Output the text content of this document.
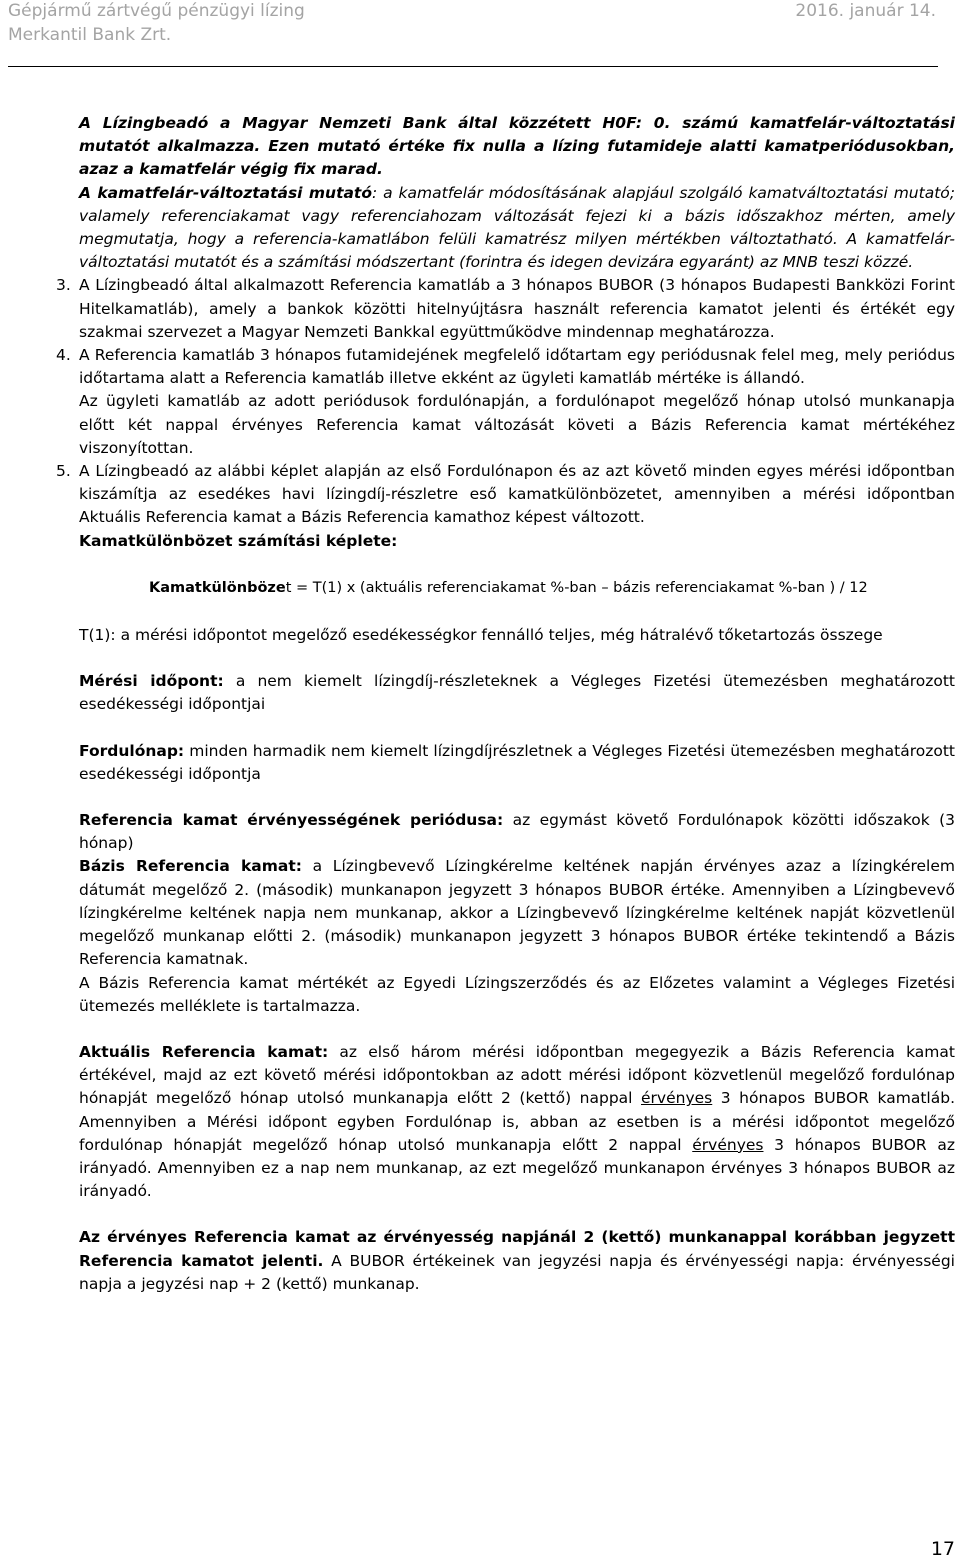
Gépjármű zártvégű pénzügyi lízing
Merkantil Bank Zrt.
2016. január 14.

A Lízingbeadó a Magyar Nemzeti Bank által közzétett H0F: 0. számú kamatfelár-változtatási mutatót alkalmazza. Ezen mutató értéke fix nulla a lízing futamideje alatti kamatperiódusokban, azaz a kamatfelár végig fix marad.

A kamatfelár-változtatási mutató: a kamatfelár módosításának alapjául szolgáló kamatváltoztatási mutató; valamely referenciakamat vagy referenciahozam változását fejezi ki a bázis időszakhoz mérten, amely megmutatja, hogy a referencia-kamatlábon felüli kamatrész milyen mértékben változtatható. A kamatfelár-változtatási mutatót és a számítási módszertant (forintra és idegen devizára egyaránt) az MNB teszi közzé.

3. A Lízingbeadó által alkalmazott Referencia kamatláb a 3 hónapos BUBOR (3 hónapos Budapesti Bankközi Forint Hitelkamatláb), amely a bankok közötti hitelnyújtásra használt referencia kamatot jelenti és értékét egy szakmai szervezet a Magyar Nemzeti Bankkal együttműködve mindennap meghatározza.

4. A Referencia kamatláb 3 hónapos futamidejének megfelelő időtartam egy periódusnak felel meg, mely periódus időtartama alatt a Referencia kamatláb illetve ekként az ügyleti kamatláb mértéke is állandó.

Az ügyleti kamatláb az adott periódusok fordulónapján, a fordulónapot megelőző hónap utolsó munkanapja előtt két nappal érvényes Referencia kamat változását követi a Bázis Referencia kamat mértékéhez viszonyítottan.

5. A Lízingbeadó az alábbi képlet alapján az első Fordulónapon és az azt követő minden egyes mérési időpontban kiszámítja az esedékes havi lízingdíj-részletre eső kamatkülönbözetet, amennyiben a mérési időpontban Aktuális Referencia kamat a Bázis Referencia kamathoz képest változott.

Kamatkülönbözet számítási képlete:

Kamatkülönbözet = T(1) x (aktuális referenciakamat %-ban – bázis referenciakamat %-ban ) / 12

T(1): a mérési időpontot megelőző esedékességkor fennálló teljes, még hátralévő tőketartozás összege

Mérési időpont: a nem kiemelt lízingdíj-részleteknek a Végleges Fizetési ütemezésben meghatározott esedékességi időpontjai

Fordulónap: minden harmadik nem kiemelt lízingdíjrészletnek a Végleges Fizetési ütemezésben meghatározott esedékességi időpontja

Referencia kamat érvényességének periódusa: az egymást követő Fordulónapok közötti időszakok (3 hónap)

Bázis Referencia kamat: a Lízingbevevő Lízingkérelme keltének napján érvényes azaz a lízingkérelem dátumát megelőző 2. (második) munkanapon jegyzett 3 hónapos BUBOR értéke. Amennyiben a Lízingbevevő lízingkérelme keltének napja nem munkanap, akkor a Lízingbevevő lízingkérelme keltének napját közvetlenül megelőző munkanap előtti 2. (második) munkanapon jegyzett 3 hónapos BUBOR értéke tekintendő a Bázis Referencia kamatnak.

A Bázis Referencia kamat mértékét az Egyedi Lízingszerződés és az Előzetes valamint a Végleges Fizetési ütemezés melléklete is tartalmazza.

Aktuális Referencia kamat: az első három mérési időpontban megegyezik a Bázis Referencia kamat értékével, majd az ezt követő mérési időpontokban az adott mérési időpont közvetlenül megelőző fordulónap hónapját megelőző hónap utolsó munkanapja előtt 2 (kettő) nappal érvényes 3 hónapos BUBOR kamatláb. Amennyiben a Mérési időpont egyben Fordulónap is, abban az esetben is a mérési időpontot megelőző fordulónap hónapját megelőző hónap utolsó munkanapja előtt 2 nappal érvényes 3 hónapos BUBOR az irányadó. Amennyiben ez a nap nem munkanap, az ezt megelőző munkanapon érvényes 3 hónapos BUBOR az irányadó.

Az érvényes Referencia kamat az érvényesség napjánál 2 (kettő) munkanappal korábban jegyzett Referencia kamatot jelenti. A BUBOR értékeinek van jegyzési napja és érvényességi napja: érvényességi napja a jegyzési nap + 2 (kettő) munkanap.

17
